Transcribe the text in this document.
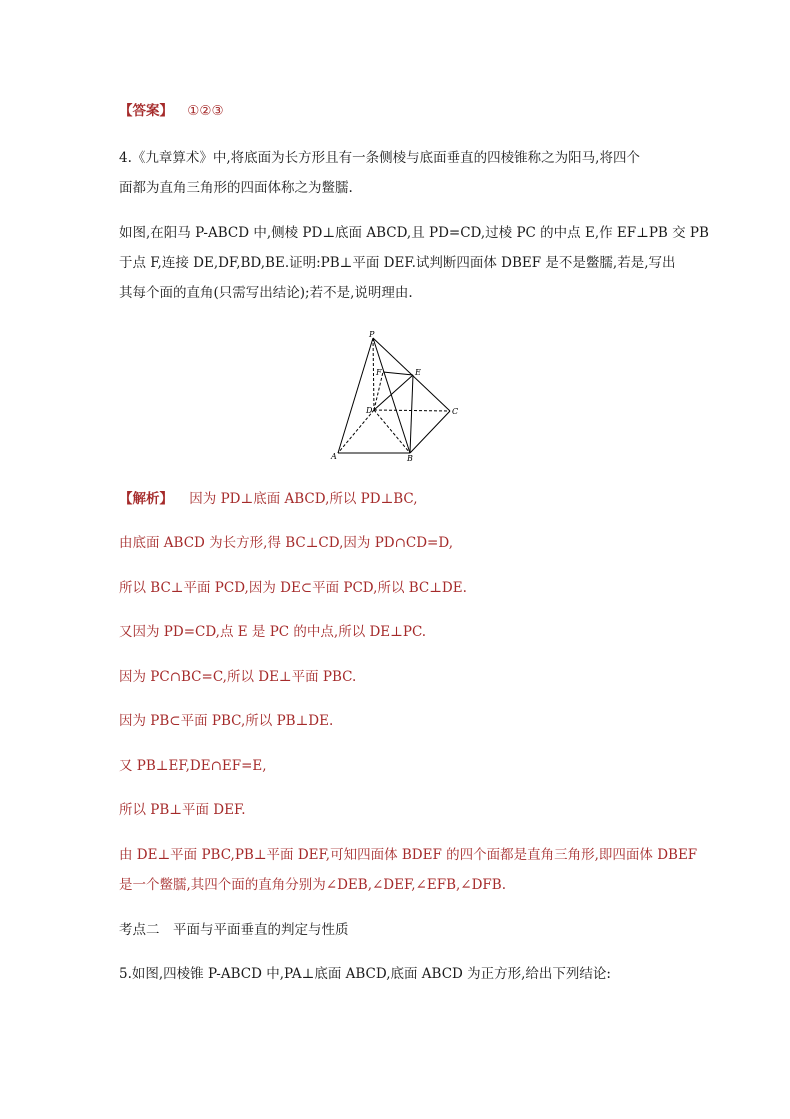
【答案】 ①②③
4.《九章算术》中,将底面为长方形且有一条侧棱与底面垂直的四棱锥称之为阳马,将四个
面都为直角三角形的四面体称之为鳖臑.
如图,在阳马 P-ABCD 中,侧棱 PD⊥底面 ABCD,且 PD=CD,过棱 PC 的中点 E,作 EF⊥PB 交 PB
于点 F,连接 DE,DF,BD,BE.证明:PB⊥平面 DEF.试判断四面体 DBEF 是不是鳖臑,若是,写出
其每个面的直角(只需写出结论);若不是,说明理由.
P
F	E
D	C
A	B
【解析】 因为 PD⊥底面 ABCD,所以 PD⊥BC,
由底面 ABCD 为长方形,得 BC⊥CD,因为 PD∩CD=D,
所以 BC⊥平面 PCD,因为 DE⊂平面 PCD,所以 BC⊥DE.
又因为 PD=CD,点 E 是 PC 的中点,所以 DE⊥PC.
因为 PC∩BC=C,所以 DE⊥平面 PBC.
因为 PB⊂平面 PBC,所以 PB⊥DE.
又 PB⊥EF,DE∩EF=E,
所以 PB⊥平面 DEF.
由 DE⊥平面 PBC,PB⊥平面 DEF,可知四面体 BDEF 的四个面都是直角三角形,即四面体 DBEF
是一个鳖臑,其四个面的直角分别为∠DEB,∠DEF,∠EFB,∠DFB.
考点二　平面与平面垂直的判定与性质
5.如图,四棱锥 P-ABCD 中,PA⊥底面 ABCD,底面 ABCD 为正方形,给出下列结论:
